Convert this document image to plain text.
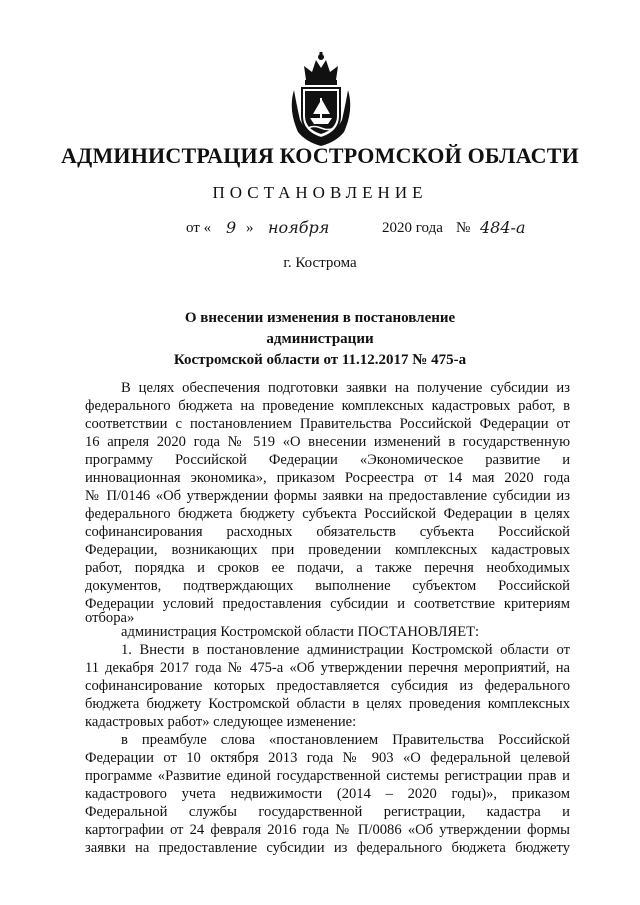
АДМИНИСТРАЦИЯ КОСТРОМСКОЙ ОБЛАСТИ
ПОСТАНОВЛЕНИЕ
от « 9 » ноября	2020 года № 484-а
г. Кострома
О внесении изменения в постановление администрации
Костромской области от 11.12.2017 № 475-а
В целях обеспечения подготовки заявки на получение субсидии из
федерального бюджета на проведение комплексных кадастровых работ, в
соответствии с постановлением Правительства Российской Федерации от
16 апреля 2020 года № 519 «О внесении изменений в государственную
программу Российской Федерации «Экономическое развитие и
инновационная экономика», приказом Росреестра от 14 мая 2020 года
№ П/0146 «Об утверждении формы заявки на предоставление субсидии из
федерального бюджета бюджету субъекта Российской Федерации в целях
софинансирования расходных обязательств субъекта Российской
Федерации, возникающих при проведении комплексных кадастровых
работ, порядка и сроков ее подачи, а также перечня необходимых
документов, подтверждающих выполнение субъектом Российской
Федерации условий предоставления субсидии и соответствие критериям
отбора»
администрация Костромской области ПОСТАНОВЛЯЕТ:
1. Внести в постановление администрации Костромской области от
11 декабря 2017 года № 475-а «Об утверждении перечня мероприятий, на
софинансирование которых предоставляется субсидия из федерального
бюджета бюджету Костромской области в целях проведения комплексных
кадастровых работ» следующее изменение:
в преамбуле слова «постановлением Правительства Российской
Федерации от 10 октября 2013 года № 903 «О федеральной целевой
программе «Развитие единой государственной системы регистрации прав и
кадастрового учета недвижимости (2014 – 2020 годы)», приказом
Федеральной службы государственной регистрации, кадастра и
картографии от 24 февраля 2016 года № П/0086 «Об утверждении формы
заявки на предоставление субсидии из федерального бюджета бюджету
